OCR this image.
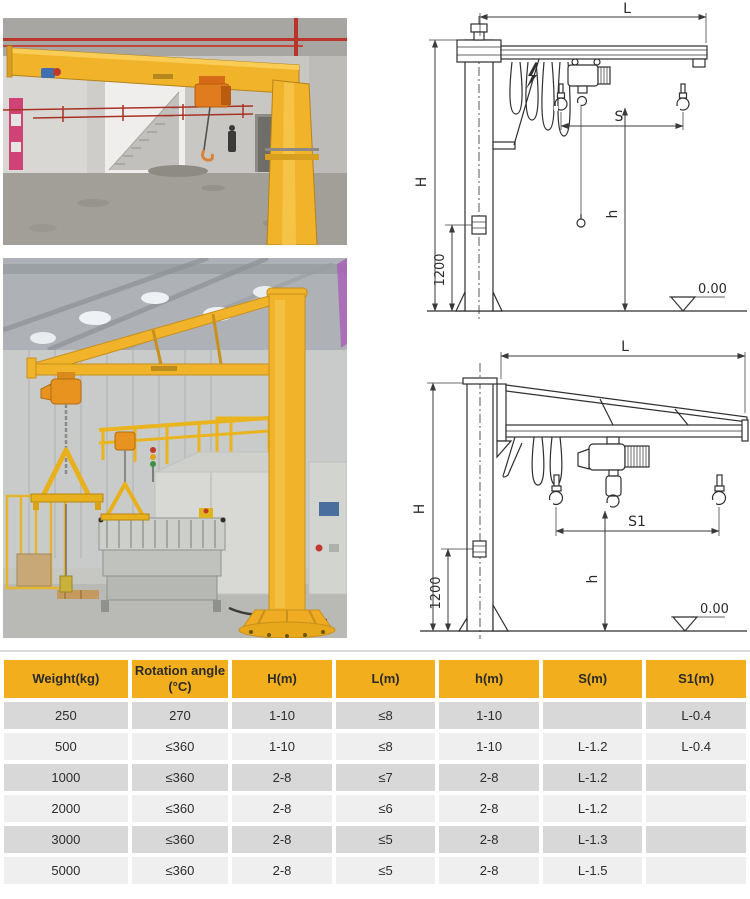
L
H
S
h
1200
0.00
L
H
S1
h
1200	0.00
Weight(kg)	Rotation angle (°C)	H(m)	L(m)	h(m)	S(m)	S1(m)
250	270	1-10	≤8	1-10		L-0.4
500	≤360	1-10	≤8	1-10	L-1.2	L-0.4
1000	≤360	2-8	≤7	2-8	L-1.2	
2000	≤360	2-8	≤6	2-8	L-1.2	
3000	≤360	2-8	≤5	2-8	L-1.3	
5000	≤360	2-8	≤5	2-8	L-1.5	
